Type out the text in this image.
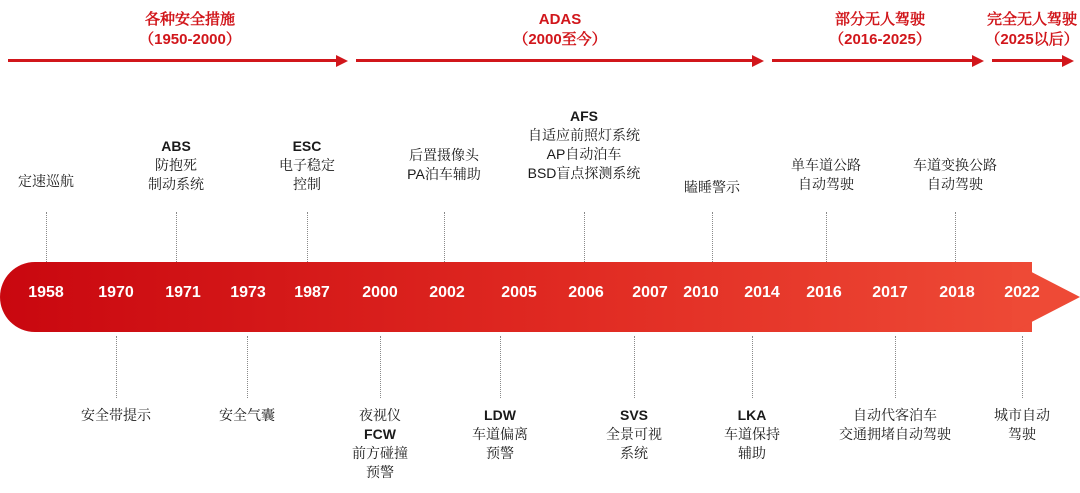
各种安全措施
（1950-2000）
ADAS
（2000至今）
部分无人驾驶
（2016-2025）
完全无人驾驶
（2025以后）
1958 1970 1971 1973 1987 2000 2002 2005 2006 2007 2010 2014 2016 2017 2018 2022
定速巡航
ABS
防抱死
制动系统
ESC
电子稳定
控制
后置摄像头
PA泊车辅助
AFS
自适应前照灯系统
AP自动泊车
BSD盲点探测系统
瞌睡警示
单车道公路
自动驾驶
车道变换公路
自动驾驶
安全带提示	安全气囊	夜视仪
FCW
前方碰撞
预警
LDW
车道偏离
预警
SVS
全景可视
系统
LKA
车道保持
辅助
自动代客泊车
交通拥堵自动驾驶
城市自动
驾驶
